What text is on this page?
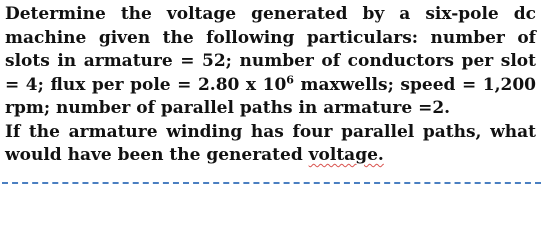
Determine the voltage generated by a six-pole dc machine given the following particulars: number of slots in armature = 52; number of conductors per slot = 4; flux per pole = 2.80 x $10^6$ maxwells; speed = 1,200 rpm; number of parallel paths in armature =2.

If the armature winding has four parallel paths, what would have been the generated voltage.
